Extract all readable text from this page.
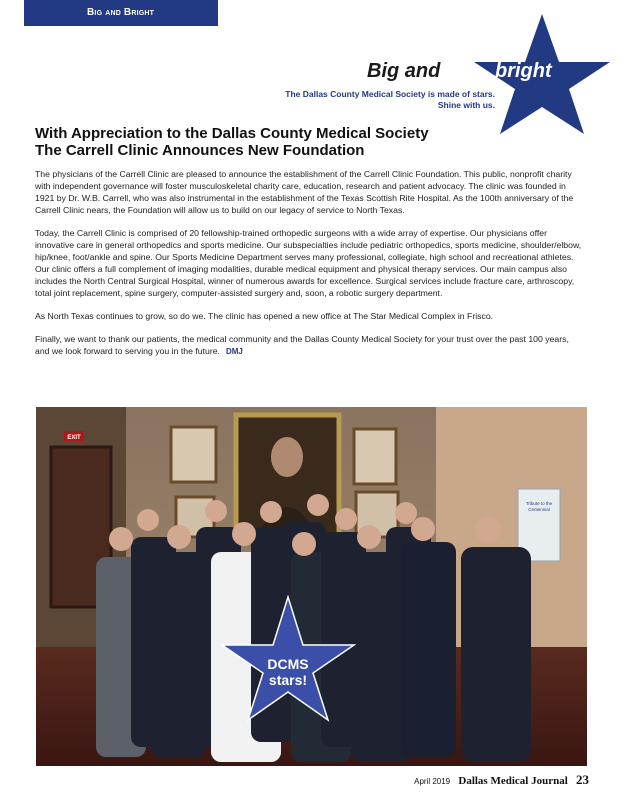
Big and Bright
Big and	bright
The Dallas County Medical Society is made of stars.
Shine with us.
With Appreciation to the Dallas County Medical Society
The Carrell Clinic Announces New Foundation

The physicians of the Carrell Clinic are pleased to announce the establishment of the Carrell Clinic Foundation. This public, nonprofit charity with independent governance will foster musculoskeletal charity care, education, research and patient advocacy. The clinic was founded in 1921 by Dr. W.B. Carrell, who was also instrumental in the establishment of the Texas Scottish Rite Hospital. As the 100th anniversary of the Carrell Clinic nears, the Foundation will allow us to build on our legacy of service to North Texas.

Today, the Carrell Clinic is comprised of 20 fellowship-trained orthopedic surgeons with a wide array of expertise. Our physicians offer innovative care in general orthopedics and sports medicine. Our subspecialties include pediatric orthopedics, sports medicine, shoulder/elbow, hip/knee, foot/ankle and spine. Our Sports Medicine Department serves many professional, collegiate, high school and recreational athletes. Our clinic offers a full complement of imaging modalities, durable medical equipment and physical therapy services. Our main campus also includes the North Central Surgical Hospital, winner of numerous awards for excellence. Surgical services include fracture care, arthroscopy, total joint replacement, spine surgery, computer-assisted surgery and, soon, a robotic surgery department.

As North Texas continues to grow, so do we. The clinic has opened a new office at The Star Medical Complex in Frisco.

Finally, we want to thank our patients, the medical community and the Dallas County Medical Society for your trust over the past 100 years, and we look forward to serving you in the future. DMJ

EXIT
Tribute to the
Centennial
DCMS
stars!
April 2019 Dallas Medical Journal 23
